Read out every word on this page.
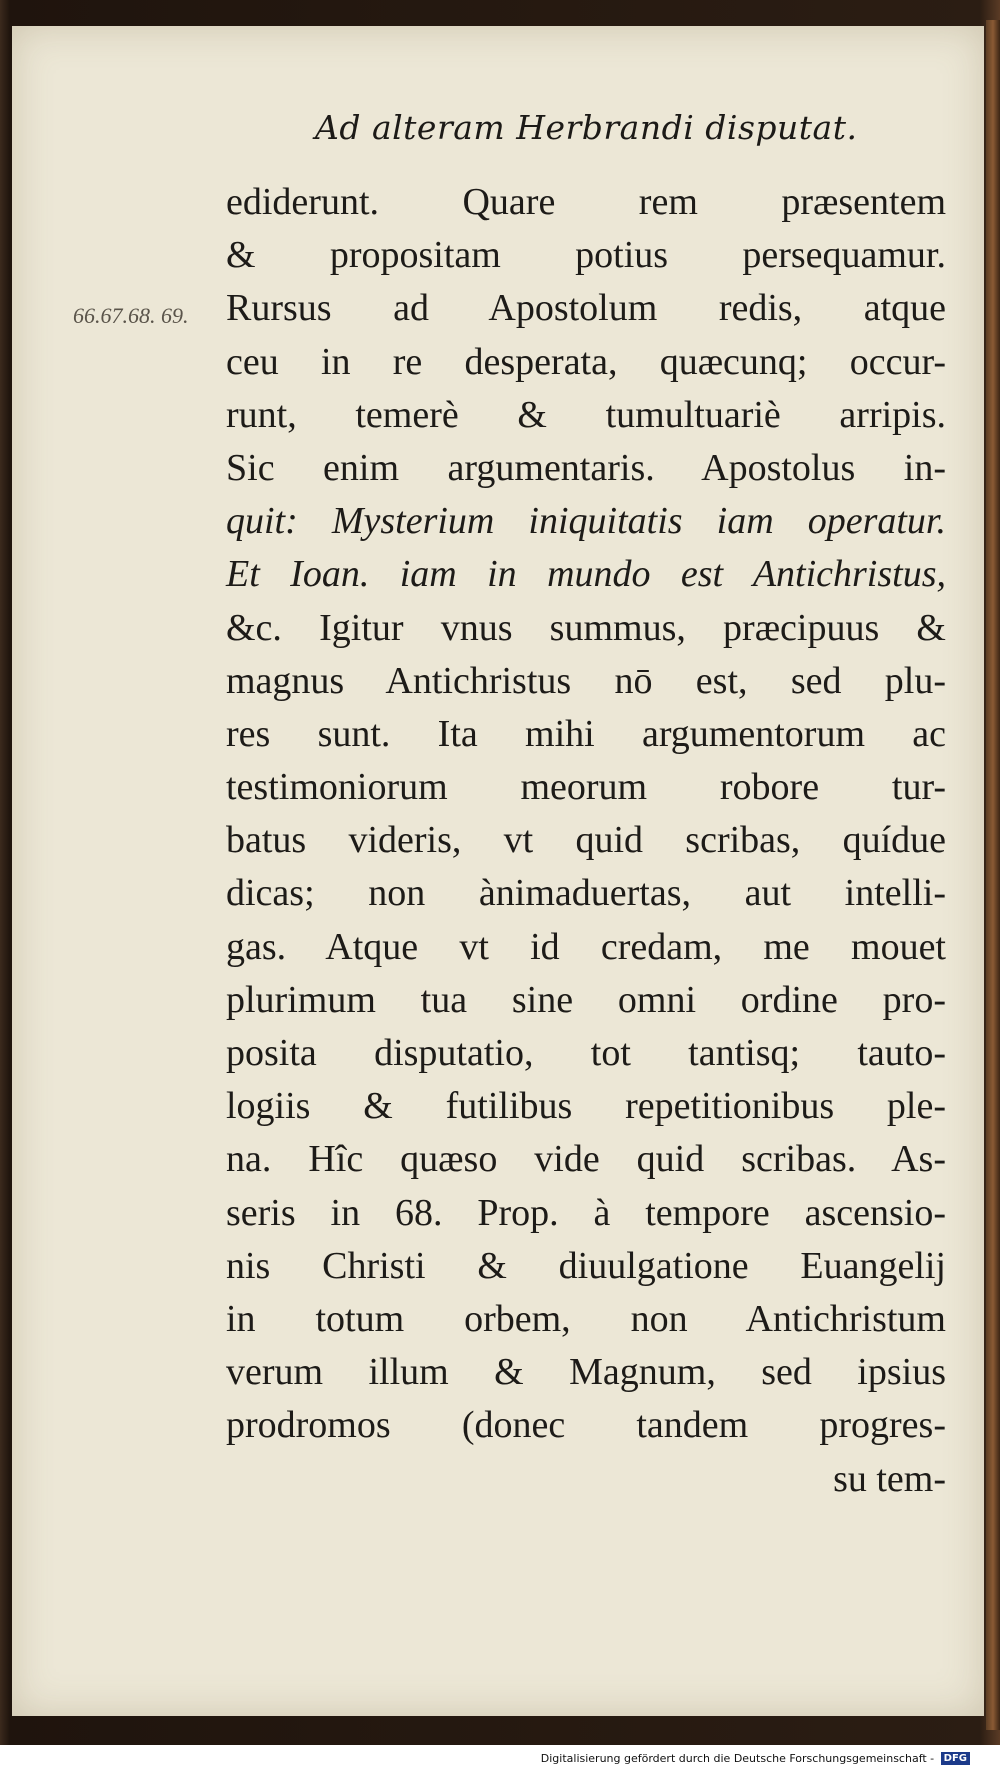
Ad alteram Herbrandi disputat.
66.67.68. 69.
ediderunt. Quare rem præsentem
& propositam potius persequamur.
Rursus ad Apostolum redis, atque
ceu in re desperata, quæcunq; occur-
runt, temerè & tumultuariè arripis.
Sic enim argumentaris. Apostolus in-
quit: Mysterium iniquitatis iam operatur.
Et Ioan. iam in mundo est Antichristus,
&c. Igitur vnus summus, præcipuus &
magnus Antichristus nō est, sed plu-
res sunt. Ita mihi argumentorum ac
testimoniorum meorum robore tur-
batus videris, vt quid scribas, quídue
dicas; non ànimaduertas, aut intelli-
gas. Atque vt id credam, me mouet
plurimum tua sine omni ordine pro-
posita disputatio, tot tantisq; tauto-
logiis & futilibus repetitionibus ple-
na. Hîc quæso vide quid scribas. As-
seris in 68. Prop. à tempore ascensio-
nis Christi & diuulgatione Euangelij
in totum orbem, non Antichristum
verum illum & Magnum, sed ipsius
prodromos (donec tandem progres-
su tem-
Digitalisierung gefördert durch die Deutsche Forschungsgemeinschaft - DFG
